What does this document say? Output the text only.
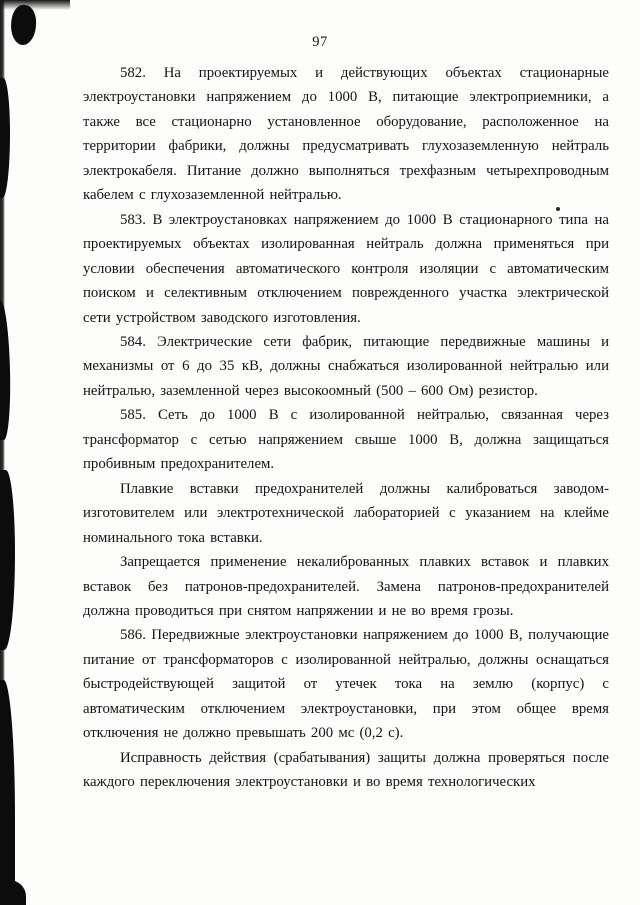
97

582. На проектируемых и действующих объектах стационарные электроустановки напряжением до 1000 В, питающие электроприемники, а также все стационарно установленное оборудование, расположенное на территории фабрики, должны предусматривать глухозаземленную нейтраль электрокабеля. Питание должно выполняться трехфазным четырехпроводным кабелем с глухозаземленной нейтралью.

583. В электроустановках напряжением до 1000 В стационарного типа на проектируемых объектах изолированная нейтраль должна применяться при условии обеспечения автоматического контроля изоляции с автоматическим поиском и селективным отключением поврежденного участка электрической сети устройством заводского изготовления.

584. Электрические сети фабрик, питающие передвижные машины и механизмы от 6 до 35 кВ, должны снабжаться изолированной нейтралью или нейтралью, заземленной через высокоомный (500 – 600 Ом) резистор.

585. Сеть до 1000 В с изолированной нейтралью, связанная через трансформатор с сетью напряжением свыше 1000 В, должна защищаться пробивным предохранителем.

Плавкие вставки предохранителей должны калиброваться заводом-изготовителем или электротехнической лабораторией с указанием на клейме номинального тока вставки.

Запрещается применение некалиброванных плавких вставок и плавких вставок без патронов-предохранителей. Замена патронов-предохранителей должна проводиться при снятом напряжении и не во время грозы.

586. Передвижные электроустановки напряжением до 1000 В, получающие питание от трансформаторов с изолированной нейтралью, должны оснащаться быстродействующей защитой от утечек тока на землю (корпус) с автоматическим отключением электроустановки, при этом общее время отключения не должно превышать 200 мс (0,2 с).

Исправность действия (срабатывания) защиты должна проверяться после каждого переключения электроустановки и во время технологических
